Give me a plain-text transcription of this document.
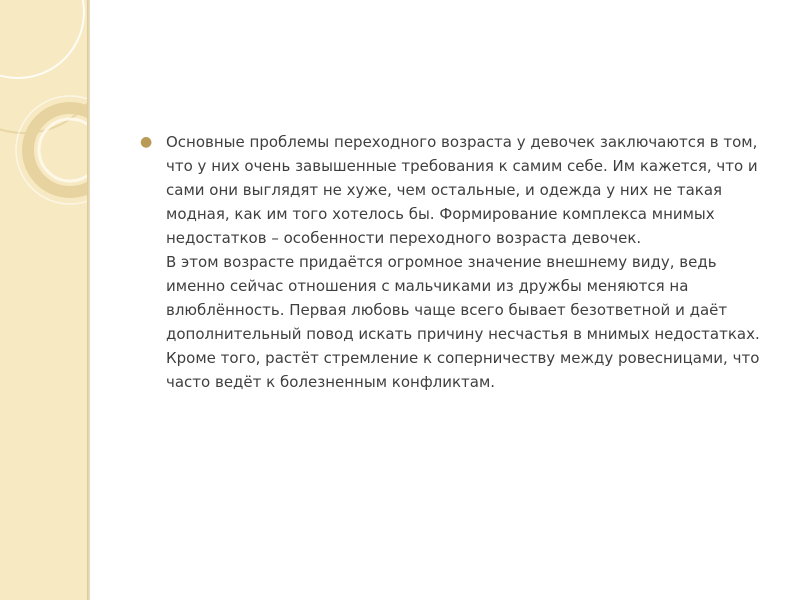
● Основные проблемы переходного возраста у девочек заключаются в том, что у них очень завышенные требования к самим себе. Им кажется, что и сами они выглядят не хуже, чем остальные, и одежда у них не такая модная, как им того хотелось бы. Формирование комплекса мнимых недостатков – особенности переходного возраста девочек.

В этом возрасте придаётся огромное значение внешнему виду, ведь именно сейчас отношения с мальчиками из дружбы меняются на влюблённость. Первая любовь чаще всего бывает безответной и даёт дополнительный повод искать причину несчастья в мнимых недостатках. Кроме того, растёт стремление к соперничеству между ровесницами, что часто ведёт к болезненным конфликтам.
